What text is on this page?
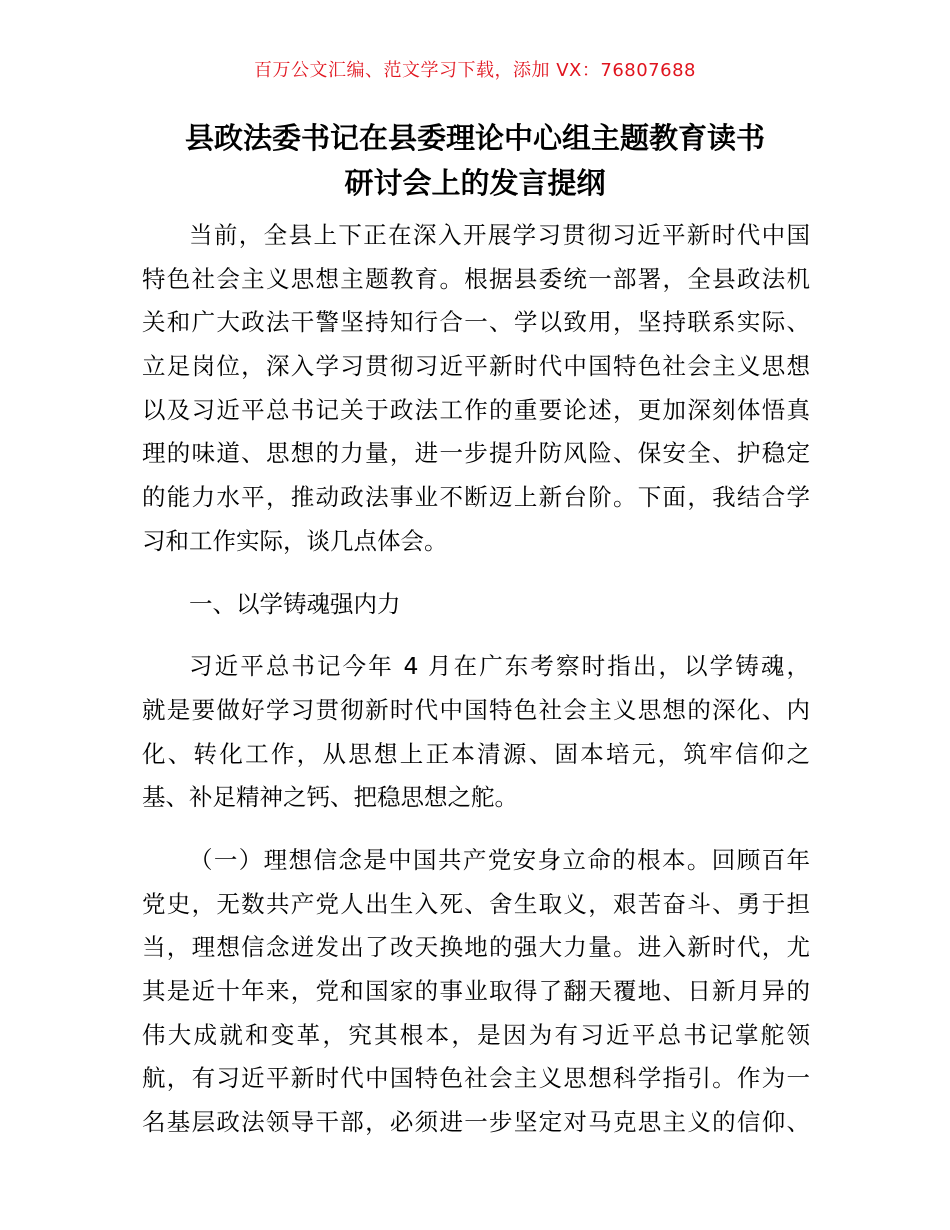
百万公文汇编、范文学习下载，添加 VX：76807688
县政法委书记在县委理论中心组主题教育读书
研讨会上的发言提纲
当前，全县上下正在深入开展学习贯彻习近平新时代中国
特色社会主义思想主题教育。根据县委统一部署，全县政法机
关和广大政法干警坚持知行合一、学以致用，坚持联系实际、
立足岗位，深入学习贯彻习近平新时代中国特色社会主义思想
以及习近平总书记关于政法工作的重要论述，更加深刻体悟真
理的味道、思想的力量，进一步提升防风险、保安全、护稳定
的能力水平，推动政法事业不断迈上新台阶。下面，我结合学
习和工作实际，谈几点体会。
一、以学铸魂强内力
习近平总书记今年 4 月在广东考察时指出，以学铸魂，
就是要做好学习贯彻新时代中国特色社会主义思想的深化、内
化、转化工作，从思想上正本清源、固本培元，筑牢信仰之
基、补足精神之钙、把稳思想之舵。
（一）理想信念是中国共产党安身立命的根本。回顾百年
党史，无数共产党人出生入死、舍生取义，艰苦奋斗、勇于担
当，理想信念迸发出了改天换地的强大力量。进入新时代，尤
其是近十年来，党和国家的事业取得了翻天覆地、日新月异的
伟大成就和变革，究其根本，是因为有习近平总书记掌舵领
航，有习近平新时代中国特色社会主义思想科学指引。作为一
名基层政法领导干部，必须进一步坚定对马克思主义的信仰、
